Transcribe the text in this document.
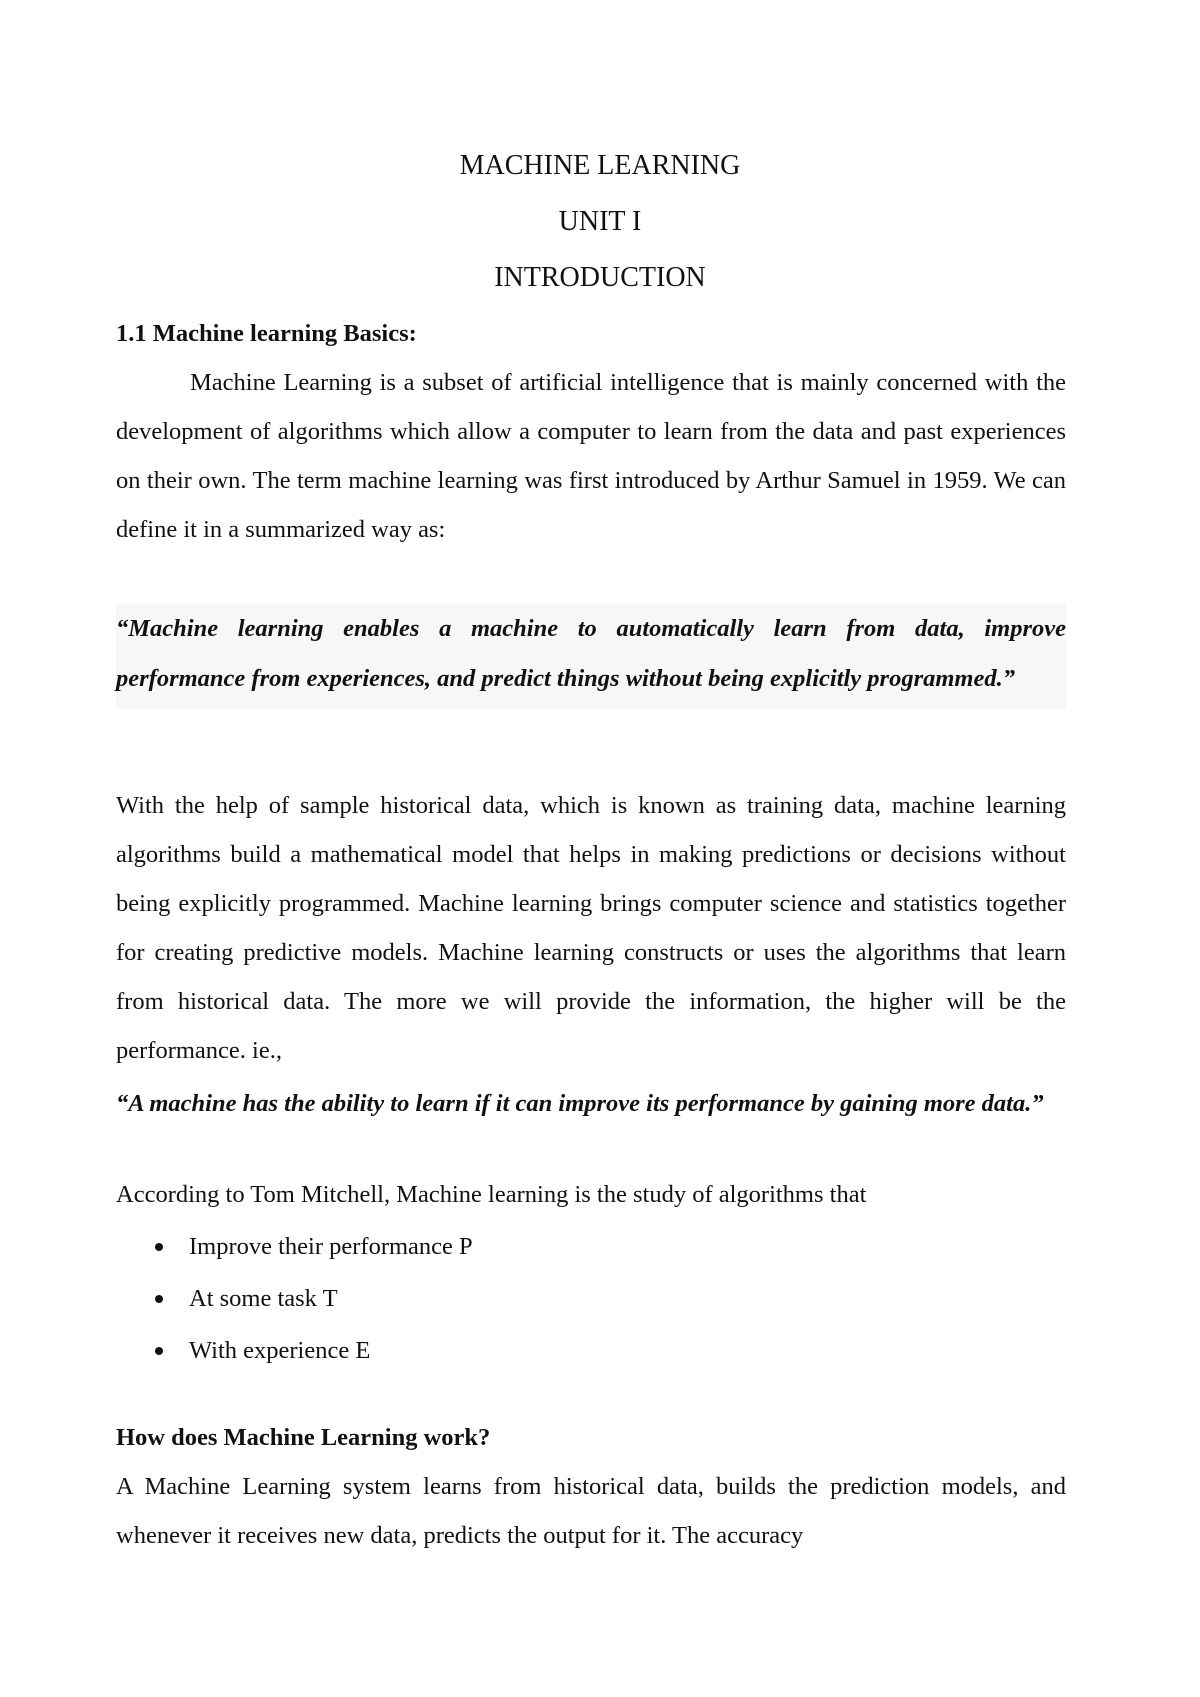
MACHINE LEARNING
UNIT I
INTRODUCTION
1.1 Machine learning Basics:
Machine Learning is a subset of artificial intelligence that is mainly concerned with the development of algorithms which allow a computer to learn from the data and past experiences on their own. The term machine learning was first introduced by Arthur Samuel in 1959. We can define it in a summarized way as:
“Machine learning enables a machine to automatically learn from data, improve performance from experiences, and predict things without being explicitly programmed.”
With the help of sample historical data, which is known as training data, machine learning algorithms build a mathematical model that helps in making predictions or decisions without being explicitly programmed. Machine learning brings computer science and statistics together for creating predictive models. Machine learning constructs or uses the algorithms that learn from historical data. The more we will provide the information, the higher will be the performance. ie.,
“A machine has the ability to learn if it can improve its performance by gaining more data.”
According to Tom Mitchell, Machine learning is the study of algorithms that
Improve their performance P
At some task T
With experience E
How does Machine Learning work?
A Machine Learning system learns from historical data, builds the prediction models, and whenever it receives new data, predicts the output for it. The accuracy
